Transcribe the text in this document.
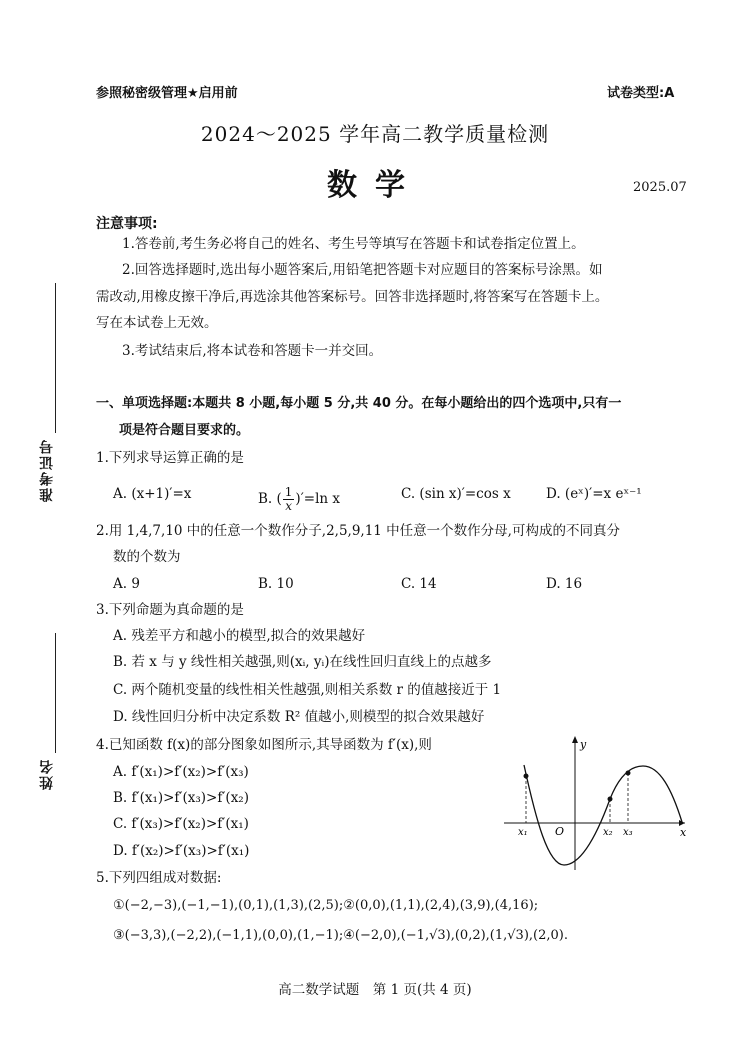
参照秘密级管理★启用前	试卷类型:A
2024～2025 学年高二教学质量检测
数学	2025.07
准考证号
姓名
注意事项:
1.答卷前,考生务必将自己的姓名、考生号等填写在答题卡和试卷指定位置上。
2.回答选择题时,选出每小题答案后,用铅笔把答题卡对应题目的答案标号涂黑。如
需改动,用橡皮擦干净后,再选涂其他答案标号。回答非选择题时,将答案写在答题卡上。
写在本试卷上无效。
3.考试结束后,将本试卷和答题卡一并交回。
一、单项选择题:本题共 8 小题,每小题 5 分,共 40 分。在每小题给出的四个选项中,只有一
项是符合题目要求的。
1.下列求导运算正确的是
A. (x+1)′=x	B. ( $\frac{1}{x} )'=\ln$ x	C. (sin x)′=cos x	D. (eˣ)′=x eˣ⁻¹
2.用 1,4,7,10 中的任意一个数作分子,2,5,9,11 中任意一个数作分母,可构成的不同真分
数的个数为
A. 9	B. 10	C. 14	D. 16
3.下列命题为真命题的是
A. 残差平方和越小的模型,拟合的效果越好
B. 若 x 与 y 线性相关越强,则(xᵢ, yᵢ)在线性回归直线上的点越多
C. 两个随机变量的线性相关性越强,则相关系数 r 的值越接近于 1
D. 线性回归分析中决定系数 R² 值越小,则模型的拟合效果越好
4.已知函数 f(x)的部分图象如图所示,其导函数为 f′(x),则
A. f′(x₁)>f′(x₂)>f′(x₃)
B. f′(x₁)>f′(x₃)>f′(x₂)
C. f′(x₃)>f′(x₂)>f′(x₁)
D. f′(x₂)>f′(x₃)>f′(x₁)
y
x
O
x₁	x₂ x₃
5.下列四组成对数据:
①(−2,−3),(−1,−1),(0,1),(1,3),(2,5);②(0,0),(1,1),(2,4),(3,9),(4,16);
③(−3,3),(−2,2),(−1,1),(0,0),(1,−1);④(−2,0),(−1,√3),(0,2),(1,√3),(2,0).
高二数学试题　第 1 页(共 4 页)
